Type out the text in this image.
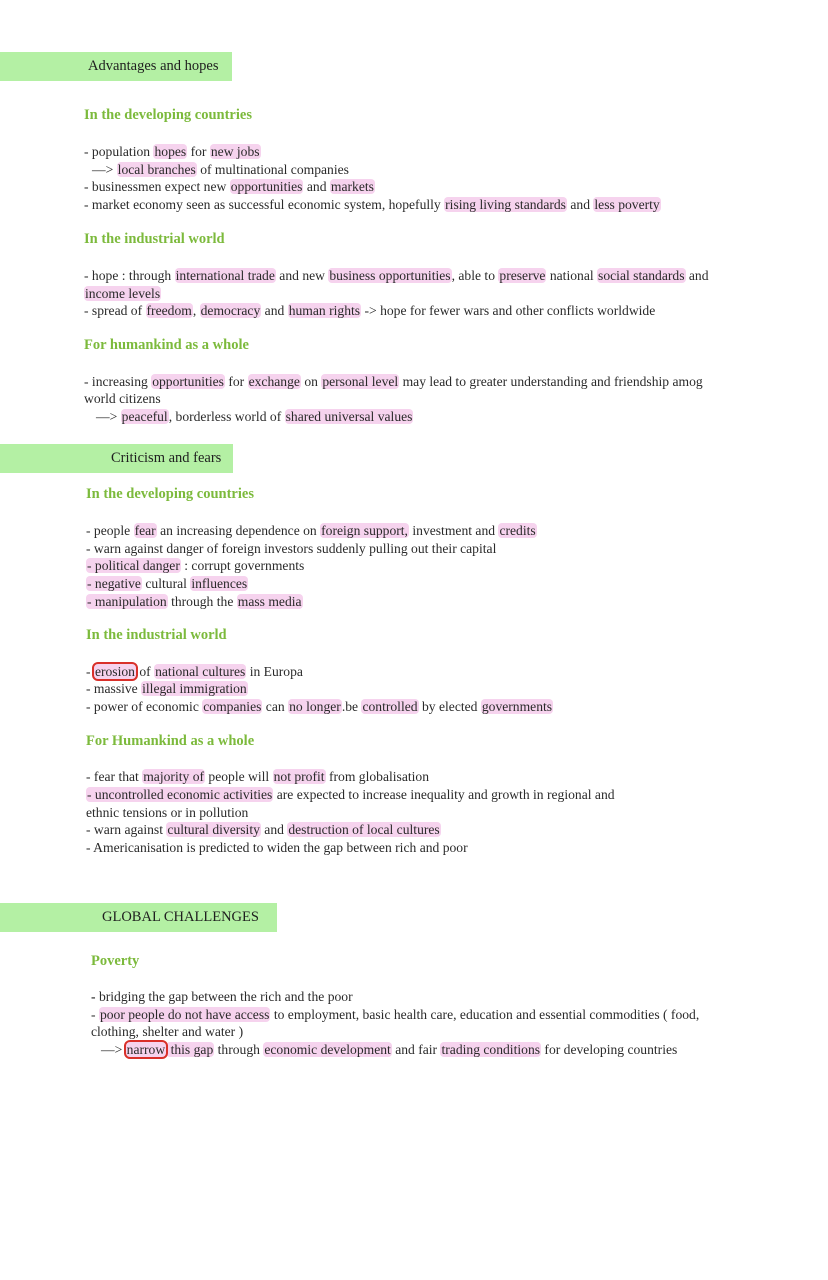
Advantages and hopes
In the developing countries
- population hopes for new jobs
—> local branches of multinational companies
- businessmen expect new opportunities and markets
- market economy seen as successful economic system, hopefully rising living standards and less poverty
In the industrial world
- hope : through international trade and new business opportunities, able to preserve national social standards and
income levels
- spread of freedom, democracy and human rights -> hope for fewer wars and other conflicts worldwide
For humankind as a whole
- increasing opportunities for exchange on personal level may lead to greater understanding and friendship amog
world citizens
—> peaceful, borderless world of shared universal values
Criticism and fears
In the developing countries
- people fear an increasing dependence on foreign support, investment and credits
- warn against danger of foreign investors suddenly pulling out their capital
- political danger : corrupt governments
- negative cultural influences
- manipulation through the mass media
In the industrial world
- erosion of national cultures in Europa
- massive illegal immigration
- power of economic companies can no longer.be controlled by elected governments
For Humankind as a whole
- fear that majority of people will not profit from globalisation
- uncontrolled economic activities are expected to increase inequality and growth in regional and
ethnic tensions or in pollution
- warn against cultural diversity and destruction of local cultures
- Americanisation is predicted to widen the gap between rich and poor
GLOBAL CHALLENGES
Poverty
- bridging the gap between the rich and the poor
- poor people do not have access to employment, basic health care, education and essential commodities ( food,
clothing, shelter and water )
—> narrow this gap through economic development and fair trading conditions for developing countries
